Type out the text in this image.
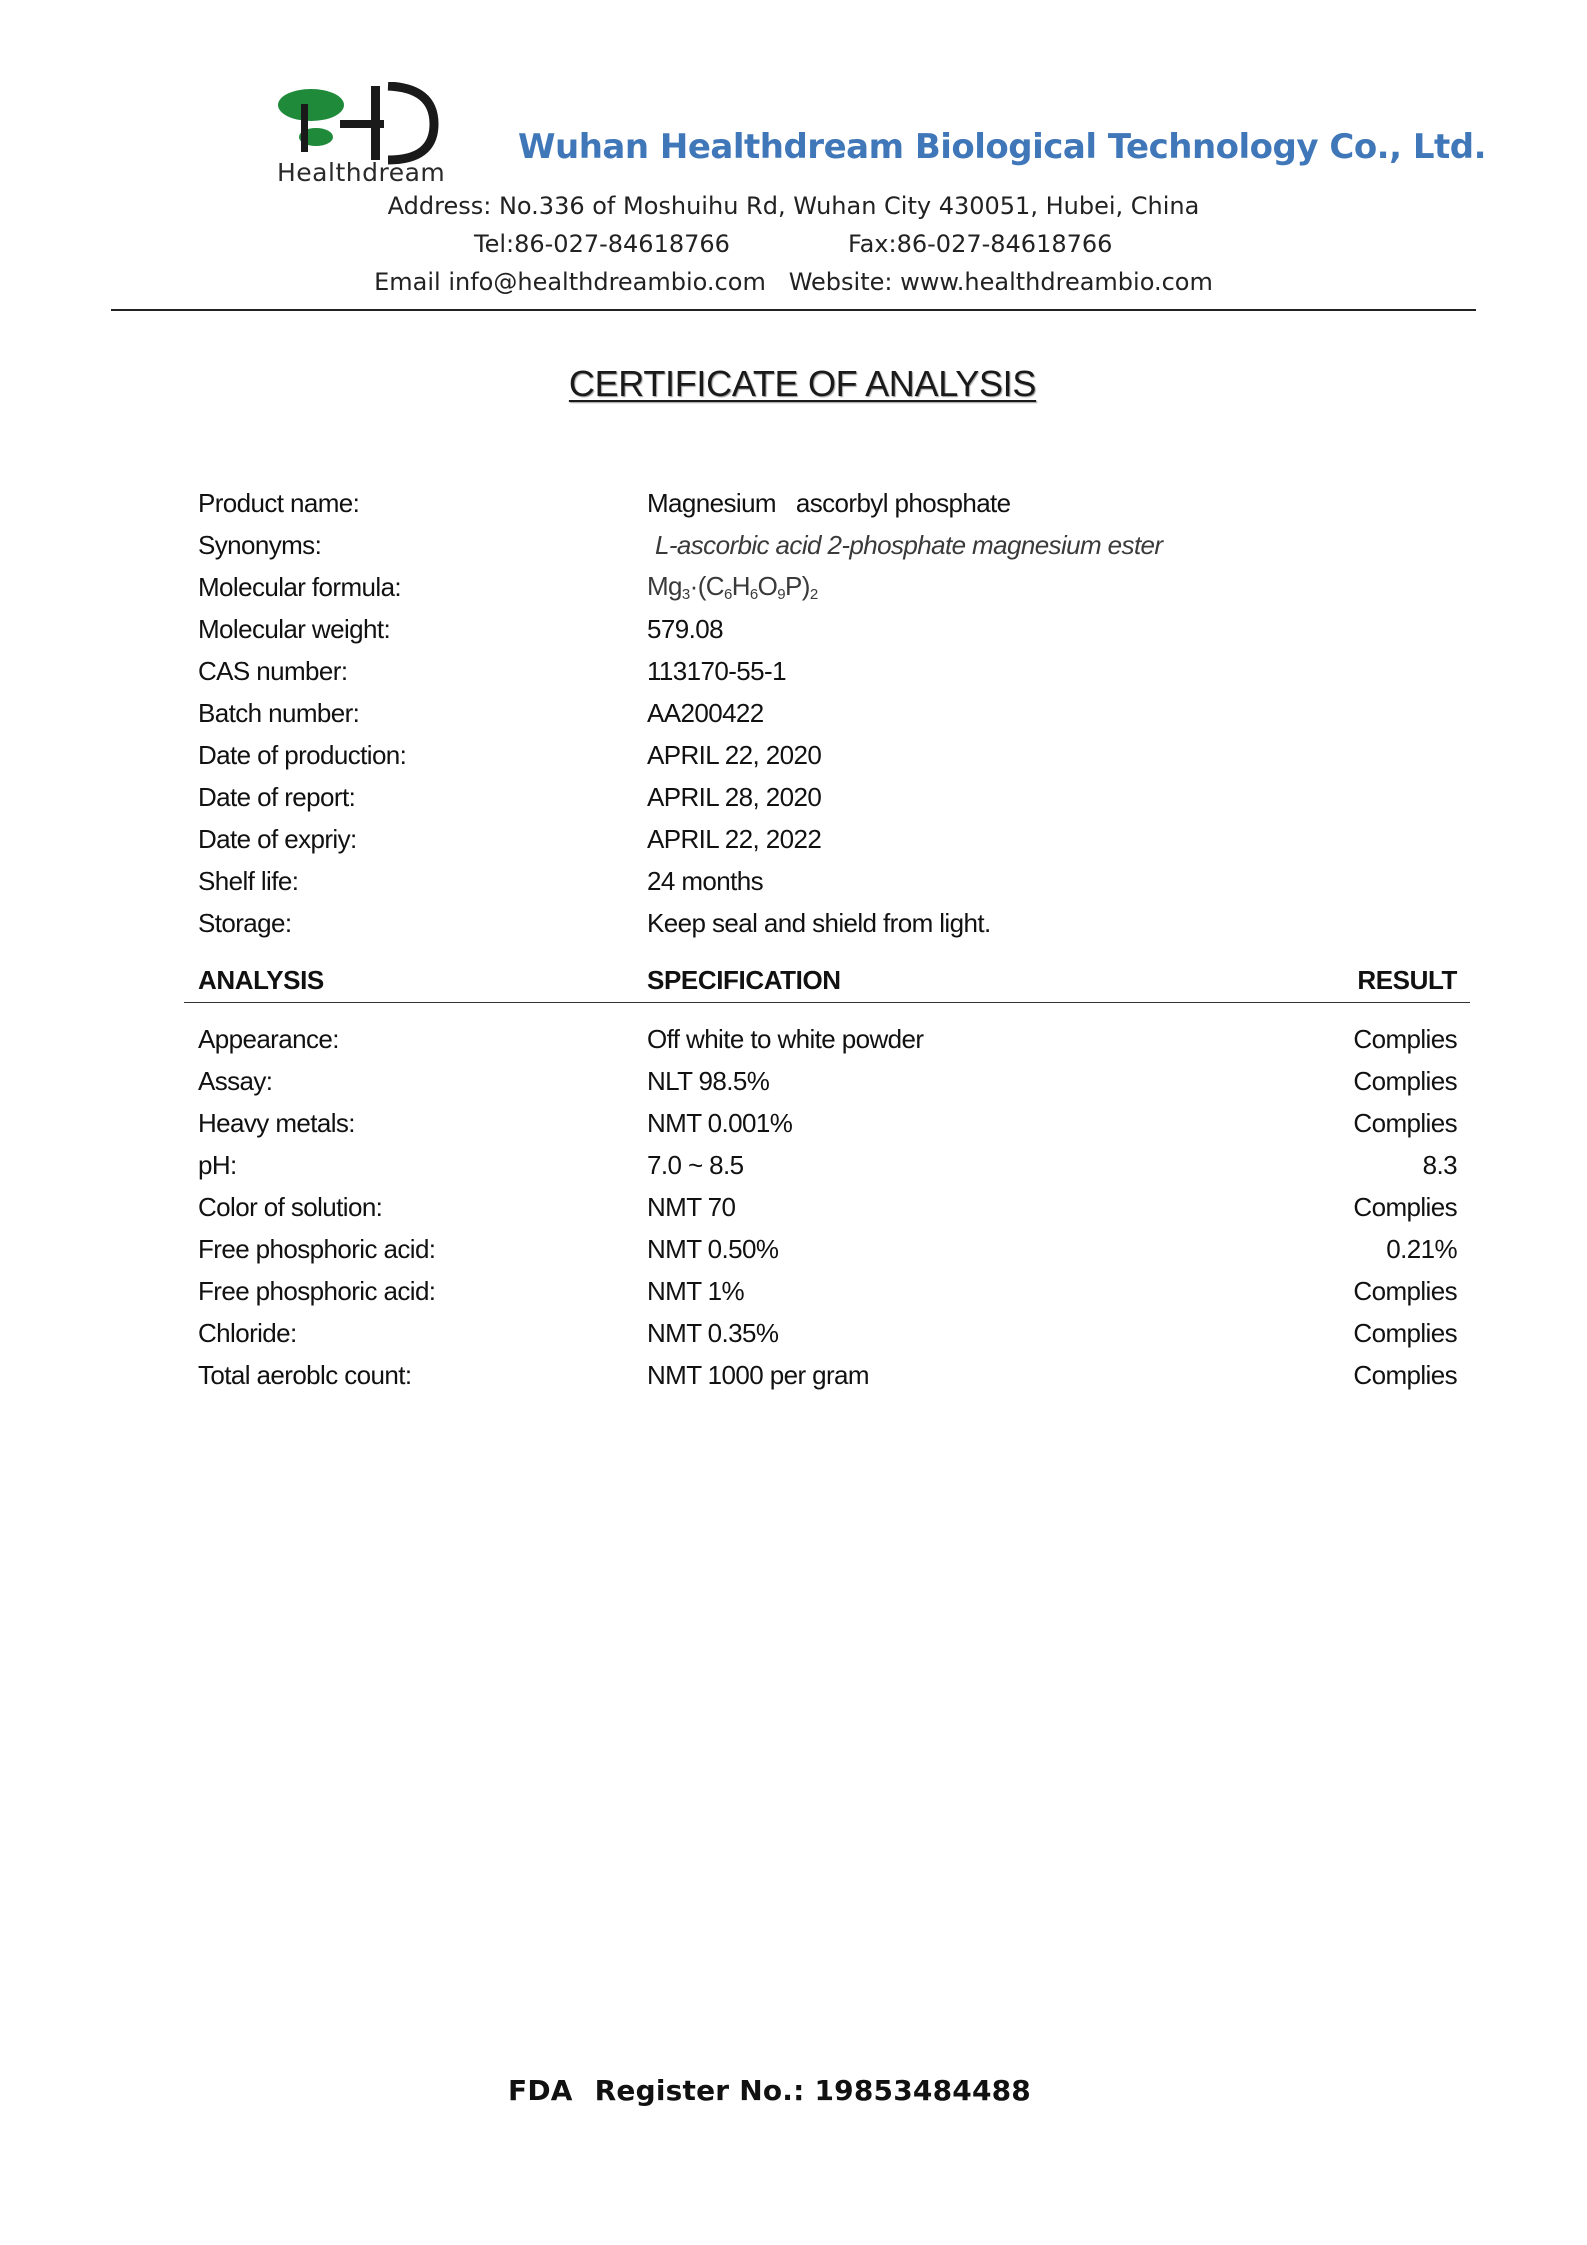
Healthdream
Wuhan Healthdream Biological Technology Co., Ltd.
Address: No.336 of Moshuihu Rd, Wuhan City 430051, Hubei, China
Tel:86-027-84618766	Fax:86-027-84618766
Email info@healthdreambio.com   Website: www.healthdreambio.com
CERTIFICATE OF ANALYSIS
Product name:	Magnesium   ascorbyl phosphate
Synonyms:	L-ascorbic acid 2-phosphate magnesium ester
Molecular formula:	$Mg_3\cdot(C_6H_6O_9P)_2$
Molecular weight:	579.08
CAS number:	113170-55-1
Batch number:	AA200422
Date of production:	APRIL 22, 2020
Date of report:	APRIL 28, 2020
Date of expriy:	APRIL 22, 2022
Shelf life:	24 months
Storage:	Keep seal and shield from light.
ANALYSIS	SPECIFICATION	RESULT
Appearance:	Off white to white powder	Complies
Assay:	NLT 98.5%	Complies
Heavy metals:	NMT 0.001%	Complies
pH:	7.0 ~ 8.5	8.3
Color of solution:	NMT 70	Complies
Free phosphoric acid:	NMT 0.50%	0.21%
Free phosphoric acid:	NMT 1%	Complies
Chloride:	NMT 0.35%	Complies
Total aeroblc count:	NMT 1000 per gram	Complies
FDA Register No.: 19853484488
